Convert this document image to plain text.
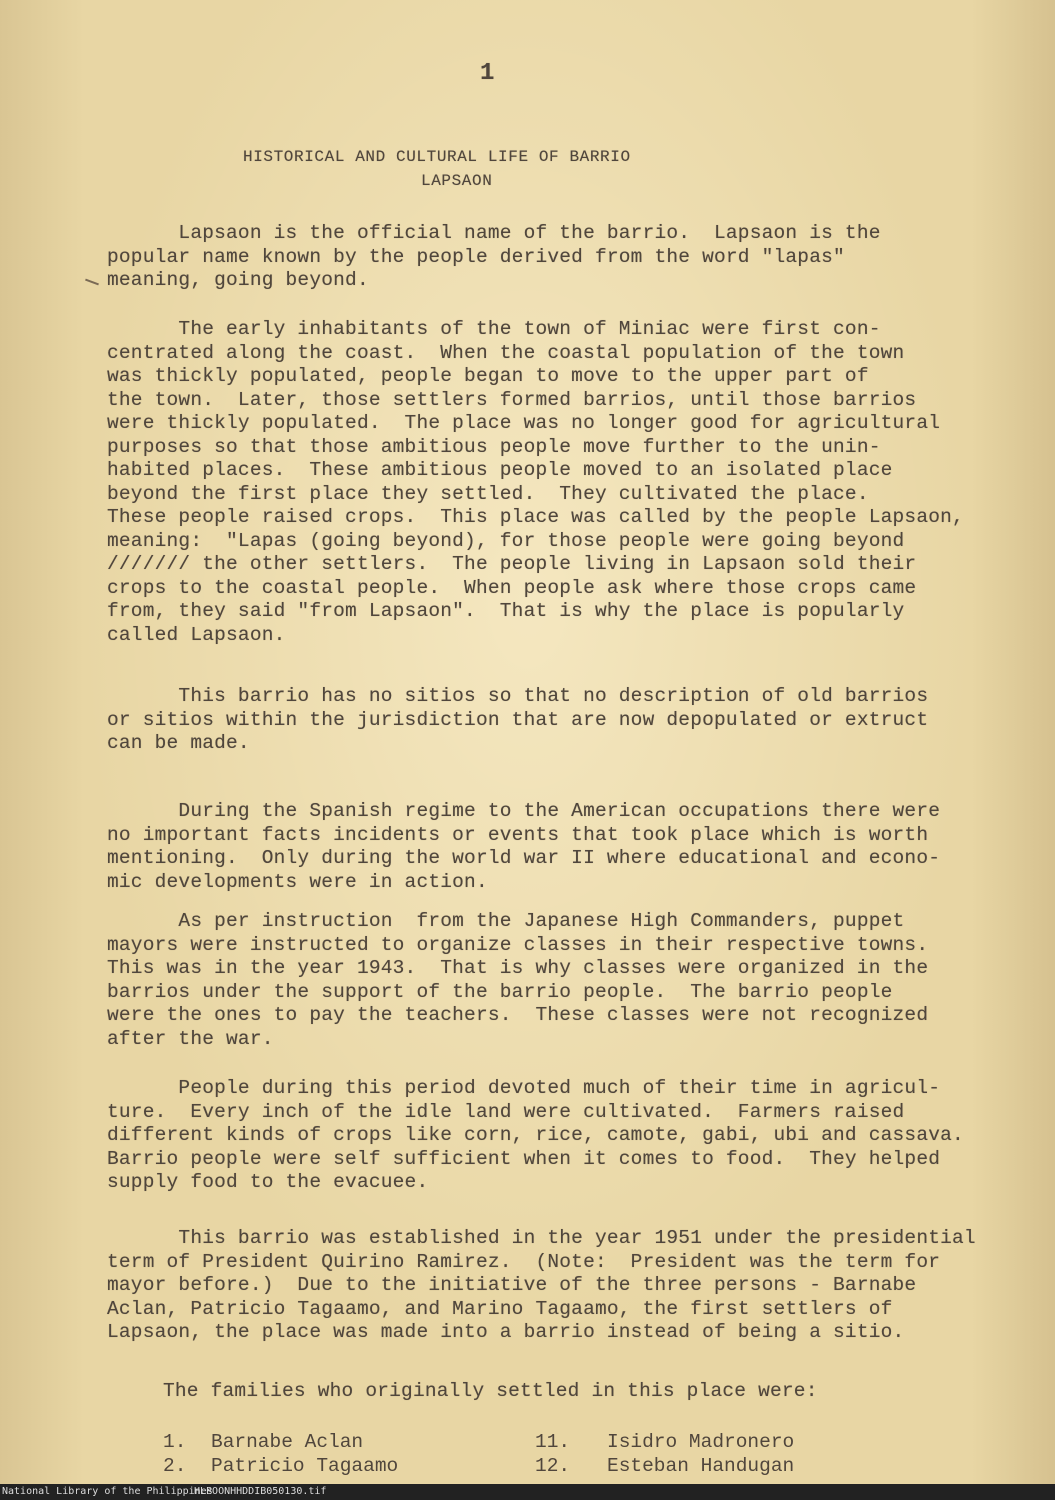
1
HISTORICAL AND CULTURAL LIFE OF BARRIO
LAPSAON
Lapsaon is the official name of the barrio.  Lapsaon is the
popular name known by the people derived from the word "lapas"
meaning, going beyond.
The early inhabitants of the town of Miniac were first con-
centrated along the coast.  When the coastal population of the town
was thickly populated, people began to move to the upper part of
the town.  Later, those settlers formed barrios, until those barrios
were thickly populated.  The place was no longer good for agricultural
purposes so that those ambitious people move further to the unin-
habited places.  These ambitious people moved to an isolated place
beyond the first place they settled.  They cultivated the place.
These people raised crops.  This place was called by the people Lapsaon,
meaning:  "Lapas (going beyond), for those people were going beyond
/////// the other settlers.  The people living in Lapsaon sold their
crops to the coastal people.  When people ask where those crops came
from, they said "from Lapsaon".  That is why the place is popularly
called Lapsaon.
This barrio has no sitios so that no description of old barrios
or sitios within the jurisdiction that are now depopulated or extruct
can be made.
During the Spanish regime to the American occupations there were
no important facts incidents or events that took place which is worth
mentioning.  Only during the world war II where educational and econo-
mic developments were in action.
As per instruction  from the Japanese High Commanders, puppet
mayors were instructed to organize classes in their respective towns.
This was in the year 1943.  That is why classes were organized in the
barrios under the support of the barrio people.  The barrio people
were the ones to pay the teachers.  These classes were not recognized
after the war.
People during this period devoted much of their time in agricul-
ture.  Every inch of the idle land were cultivated.  Farmers raised
different kinds of crops like corn, rice, camote, gabi, ubi and cassava.
Barrio people were self sufficient when it comes to food.  They helped
supply food to the evacuee.
This barrio was established in the year 1951 under the presidential
term of President Quirino Ramirez.  (Note:  President was the term for
mayor before.)  Due to the initiative of the three persons - Barnabe
Aclan, Patricio Tagaamo, and Marino Tagaamo, the first settlers of
Lapsaon, the place was made into a barrio instead of being a sitio.
The families who originally settled in this place were:
1. Barnabe Aclan
2. Patricio Tagaamo
11. Isidro Madronero
12. Esteban Handugan
National Library of the Philippines
HLPOONHHDDIB050130.tif
